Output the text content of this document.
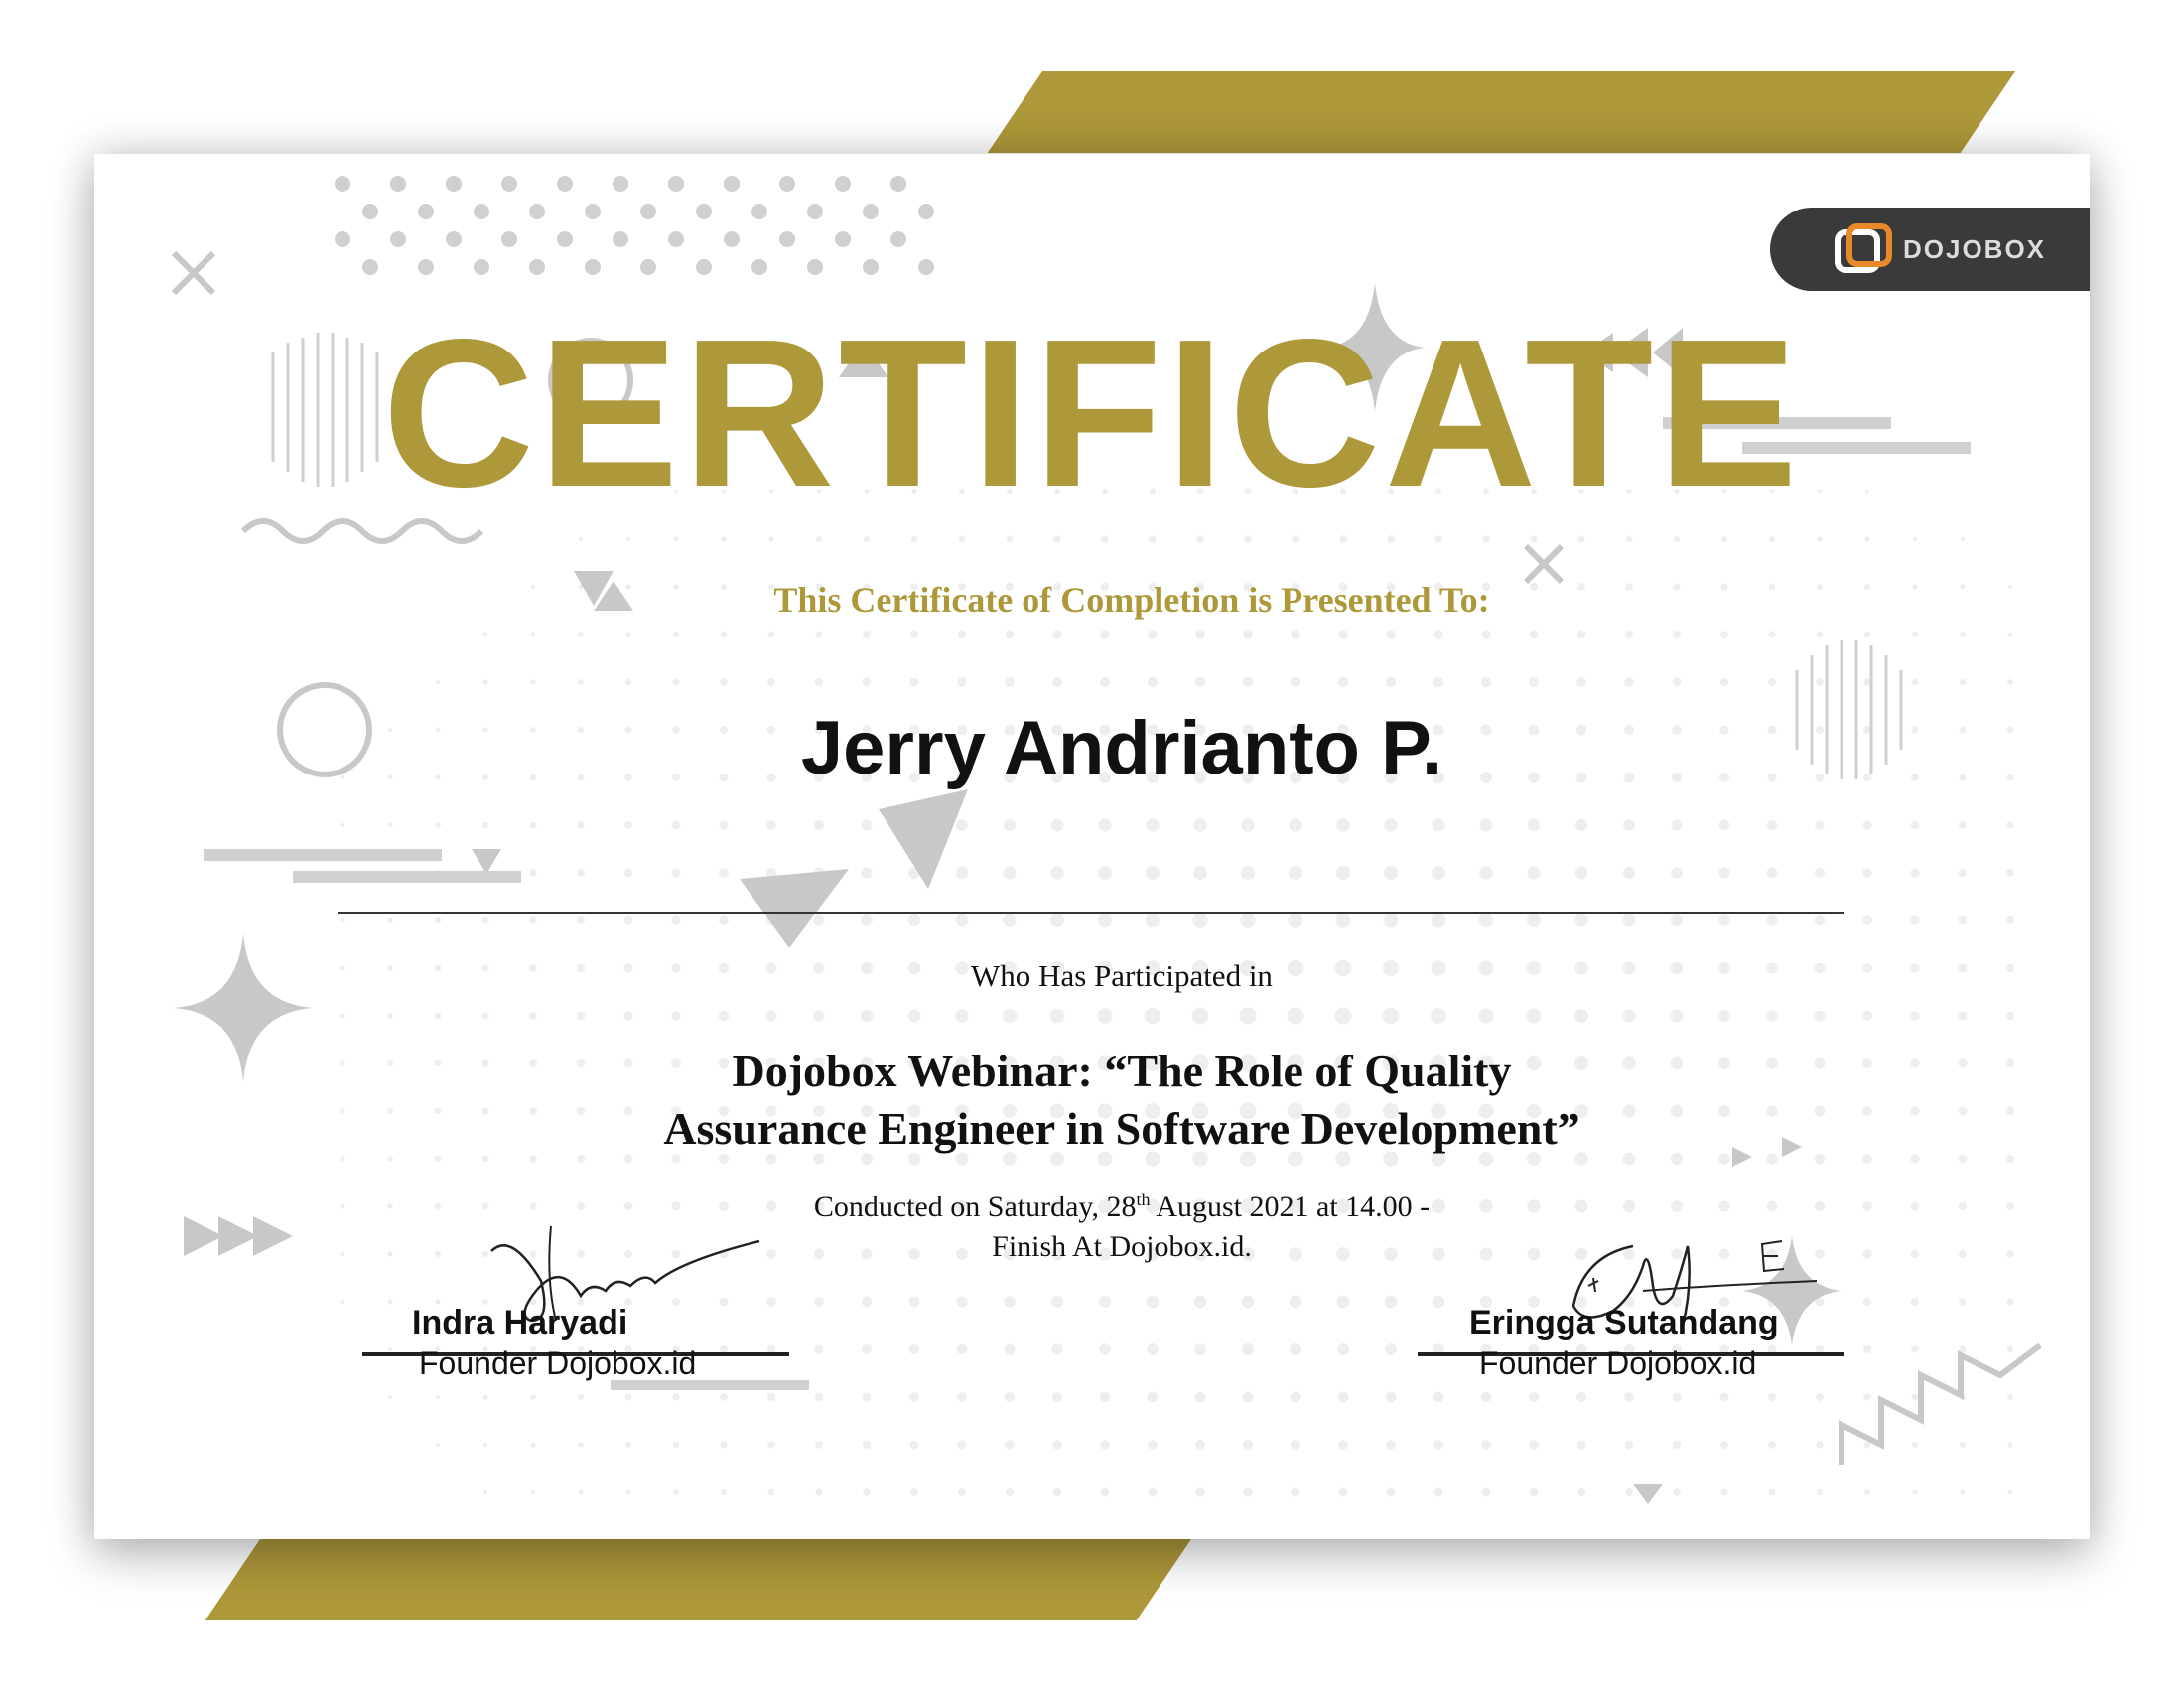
DOJOBOX
CERTIFICATE
This Certificate of Completion is Presented To:
Jerry Andrianto P.
Who Has Participated in
Dojobox Webinar: “The Role of Quality
Assurance Engineer in Software Development”
Conducted on Saturday, 28th August 2021 at 14.00 -
Finish At Dojobox.id.
Indra Haryadi
Founder Dojobox.id
Eringga Sutandang
Founder Dojobox.id
